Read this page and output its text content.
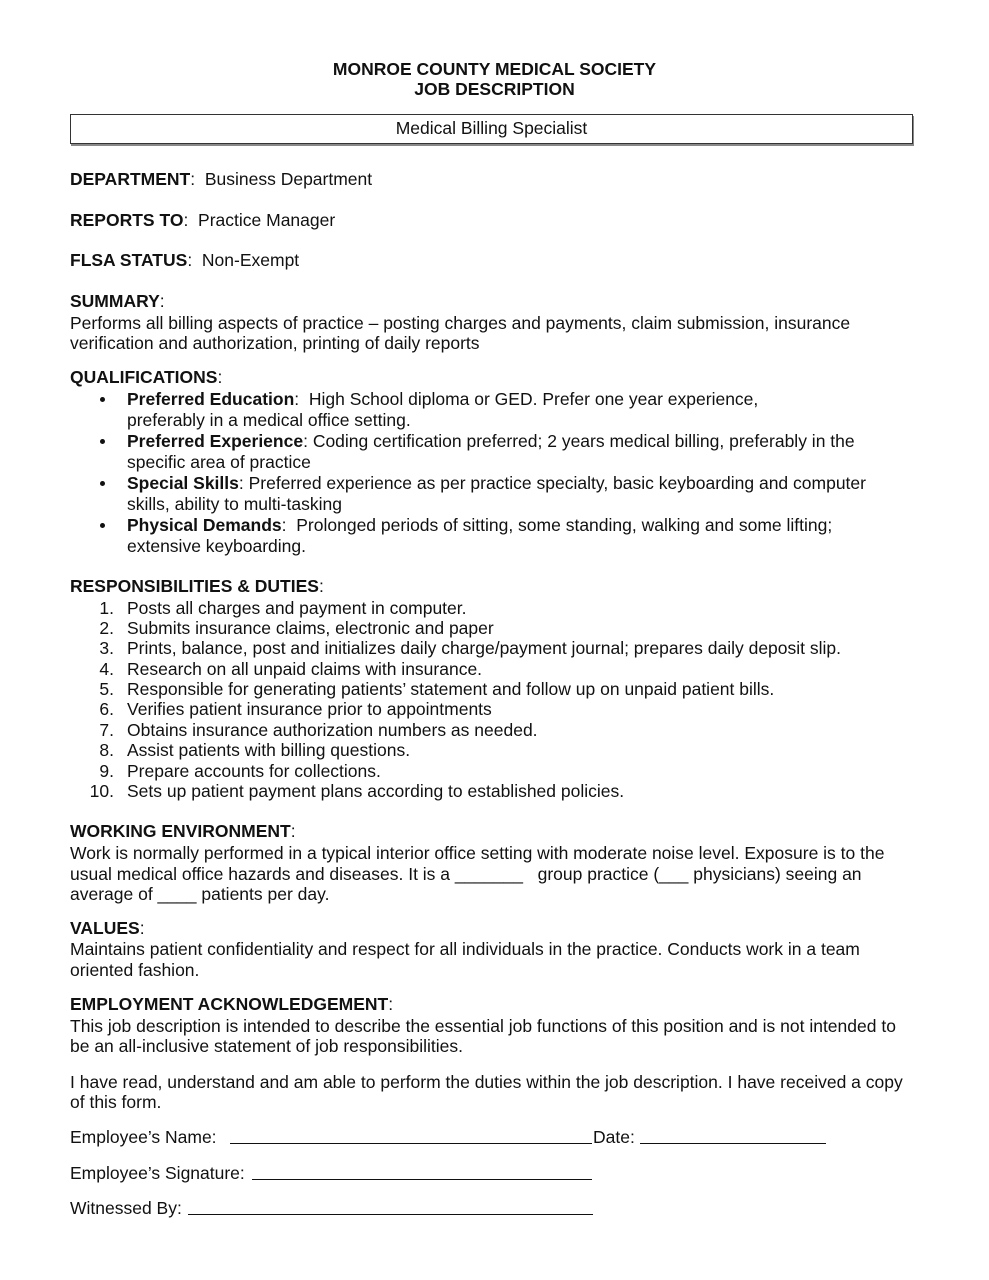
MONROE COUNTY MEDICAL SOCIETY
JOB DESCRIPTION
Medical Billing Specialist
DEPARTMENT:  Business Department
REPORTS TO:  Practice Manager
FLSA STATUS:  Non-Exempt
SUMMARY:
Performs all billing aspects of practice – posting charges and payments, claim submission, insurance
verification and authorization, printing of daily reports
QUALIFICATIONS:
Preferred Education:  High School diploma or GED. Prefer one year experience,
preferably in a medical office setting.
Preferred Experience: Coding certification preferred; 2 years medical billing, preferably in the
specific area of practice
Special Skills: Preferred experience as per practice specialty, basic keyboarding and computer
skills, ability to multi-tasking
Physical Demands:  Prolonged periods of sitting, some standing, walking and some lifting;
extensive keyboarding.
RESPONSIBILITIES & DUTIES:
1. Posts all charges and payment in computer.
2. Submits insurance claims, electronic and paper
3. Prints, balance, post and initializes daily charge/payment journal; prepares daily deposit slip.
4. Research on all unpaid claims with insurance.
5. Responsible for generating patients’ statement and follow up on unpaid patient bills.
6. Verifies patient insurance prior to appointments
7. Obtains insurance authorization numbers as needed.
8. Assist patients with billing questions.
9. Prepare accounts for collections.
10. Sets up patient payment plans according to established policies.
WORKING ENVIRONMENT:
Work is normally performed in a typical interior office setting with moderate noise level. Exposure is to the
usual medical office hazards and diseases. It is a _______   group practice (___ physicians) seeing an
average of ____ patients per day.
VALUES:
Maintains patient confidentiality and respect for all individuals in the practice. Conducts work in a team
oriented fashion.
EMPLOYMENT ACKNOWLEDGEMENT:
This job description is intended to describe the essential job functions of this position and is not intended to
be an all-inclusive statement of job responsibilities.
I have read, understand and am able to perform the duties within the job description. I have received a copy
of this form.
Employee’s Name:	Date:
Employee’s Signature:
Witnessed By:
